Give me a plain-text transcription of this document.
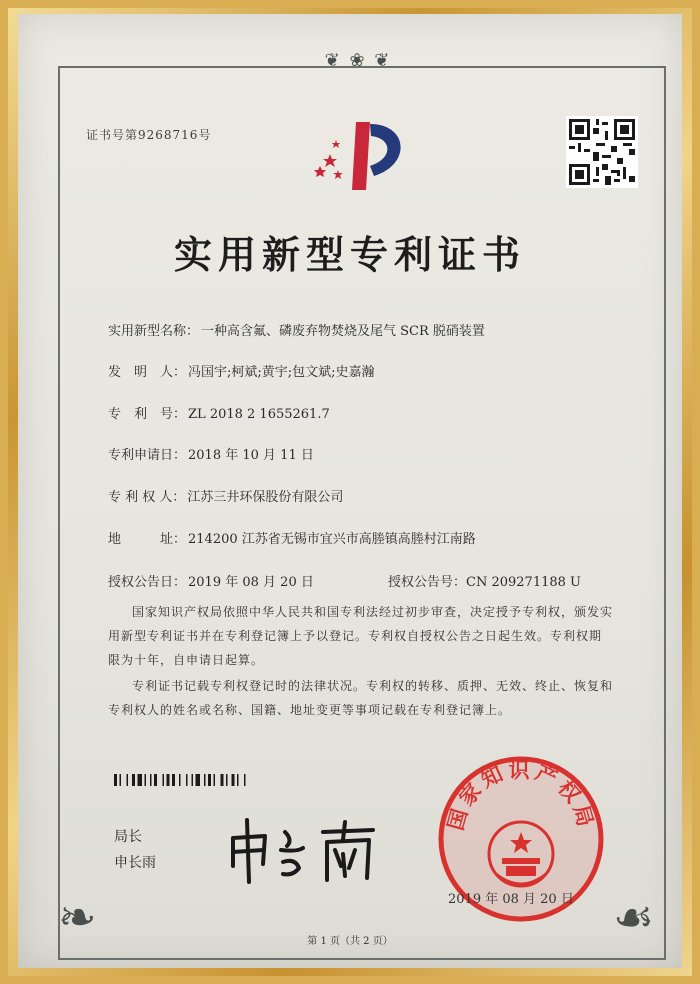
❦ ❀ ❦
❧	☙
证书号第9268716号
实用新型专利证书
实用新型名称： 一种高含氟、磷废弃物焚烧及尾气 SCR 脱硝装置
发　明　人： 冯国宇;柯斌;黄宇;包文斌;史嘉瀚
专　利　号： ZL 2018 2 1655261.7
专利申请日： 2018 年 10 月 11 日
专 利 权 人： 江苏三井环保股份有限公司
地　　　址： 214200 江苏省无锡市宜兴市高塍镇高塍村江南路
授权公告日： 2019 年 08 月 20 日	授权公告号：CN 209271188 U
国家知识产权局依照中华人民共和国专利法经过初步审查，决定授予专利权，颁发实用新型专利证书并在专利登记簿上予以登记。专利权自授权公告之日起生效。专利权期限为十年，自申请日起算。
专利证书记载专利权登记时的法律状况。专利权的转移、质押、无效、终止、恢复和专利权人的姓名或名称、国籍、地址变更等事项记载在专利登记簿上。
局长
申长雨
国家知识产权局
2019 年 08 月 20 日
第 1 页（共 2 页）
